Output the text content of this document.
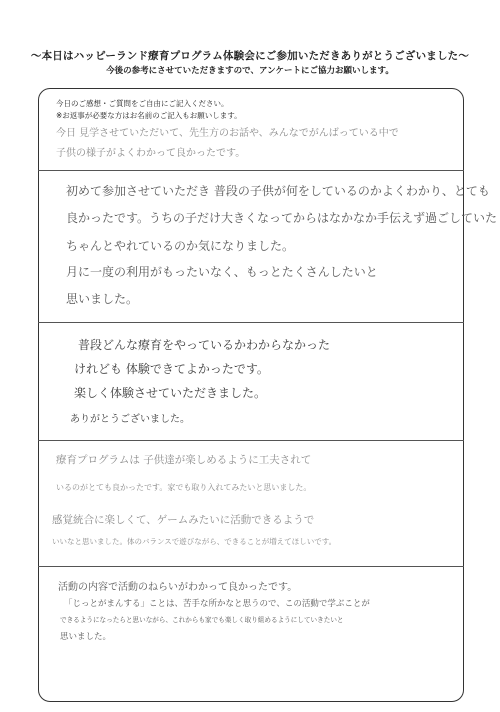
～本日はハッピーランド療育プログラム体験会にご参加いただきありがとうございました～
今後の参考にさせていただきますので、アンケートにご協力お願いします。
今日のご感想・ご質問をご自由にご記入ください。
※お返事が必要な方はお名前のご記入もお願いします。
今日 見学させていただいて、先生方のお話や、みんなでがんばっている中で
子供の様子がよくわかって良かったです。
初めて参加させていただき 普段の子供が何をしているのかよくわかり、とても
良かったです。うちの子だけ大きくなってからはなかなか手伝えず過ごしていた
ちゃんとやれているのか気になりました。
月に一度の利用がもったいなく、もっとたくさんしたいと
思いました。
普段どんな療育をやっているかわからなかった
けれども 体験できてよかったです。
楽しく体験させていただきました。
ありがとうございました。
療育プログラムは 子供達が楽しめるように工夫されて
いるのがとても良かったです。家でも取り入れてみたいと思いました。
感覚統合に楽しくて、ゲームみたいに活動できるようで
いいなと思いました。体のバランスで遊びながら、できることが増えてほしいです。
活動の内容で活動のねらいがわかって良かったです。
「じっとがまんする」ことは、苦手な所かなと思うので、この活動で学ぶことが
できるようになったらと思いながら、これからも家でも楽しく取り組めるようにしていきたいと
思いました。
